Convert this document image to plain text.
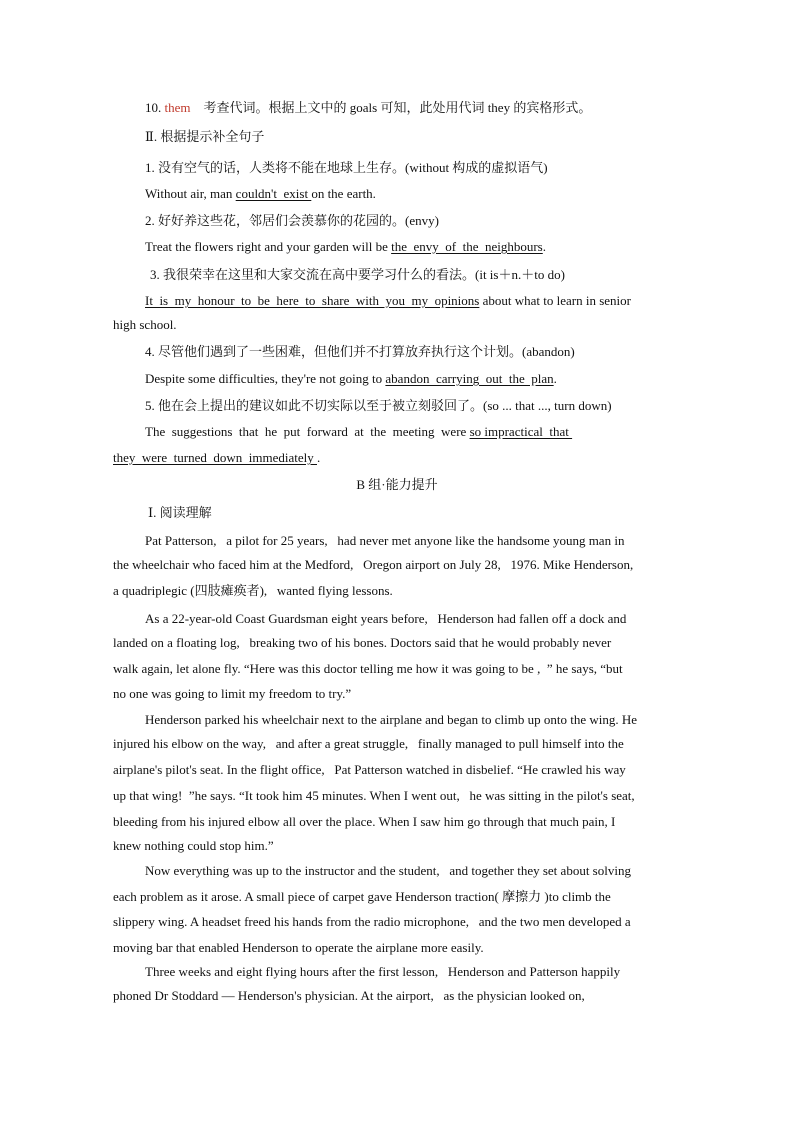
10. them　考查代词。根据上文中的 goals 可知，此处用代词 they 的宾格形式。
Ⅱ. 根据提示补全句子
1. 没有空气的话，人类将不能在地球上生存。(without 构成的虚拟语气)
Without air, man couldn't  exist on the earth.
2. 好好养这些花，邻居们会羡慕你的花园的。(envy)
Treat the flowers right and your garden will be the  envy  of  the  neighbours.
3. 我很荣幸在这里和大家交流在高中要学习什么的看法。(it is＋n.＋to do)
It  is  my  honour  to  be  here  to  share  with  you  my  opinions about what to learn in senior
high school.
4. 尽管他们遇到了一些困难，但他们并不打算放弃执行这个计划。(abandon)
Despite some difficulties, they're not going to abandon  carrying  out  the  plan.
5. 他在会上提出的建议如此不切实际以至于被立刻驳回了。(so ... that ..., turn down)
The  suggestions  that  he  put  forward  at  the  meeting  were so impractical  that
they  were  turned  down  immediately .
B 组·能力提升
Ⅰ. 阅读理解
Pat Patterson,   a pilot for 25 years,   had never met anyone like the handsome young man in
the wheelchair who faced him at the Medford,   Oregon airport on July 28,   1976. Mike Henderson,
a quadriplegic (四肢瘫痪者),   wanted flying lessons.
As a 22-year-old Coast Guardsman eight years before,   Henderson had fallen off a dock and
landed on a floating log,   breaking two of his bones. Doctors said that he would probably never
walk again, let alone fly. “Here was this doctor telling me how it was going to be ,  ” he says, “but
no one was going to limit my freedom to try.”
Henderson parked his wheelchair next to the airplane and began to climb up onto the wing. He
injured his elbow on the way,   and after a great struggle,   finally managed to pull himself into the
airplane's pilot's seat. In the flight office,   Pat Patterson watched in disbelief. “He crawled his way
up that wing!  ”he says. “It took him 45 minutes. When I went out,   he was sitting in the pilot's seat,
bleeding from his injured elbow all over the place. When I saw him go through that much pain, I
knew nothing could stop him.”
Now everything was up to the instructor and the student,   and together they set about solving
each problem as it arose. A small piece of carpet gave Henderson traction( 摩擦力 )to climb the
slippery wing. A headset freed his hands from the radio microphone,   and the two men developed a
moving bar that enabled Henderson to operate the airplane more easily.
Three weeks and eight flying hours after the first lesson,   Henderson and Patterson happily
phoned Dr Stoddard — Henderson's physician. At the airport,   as the physician looked on,
